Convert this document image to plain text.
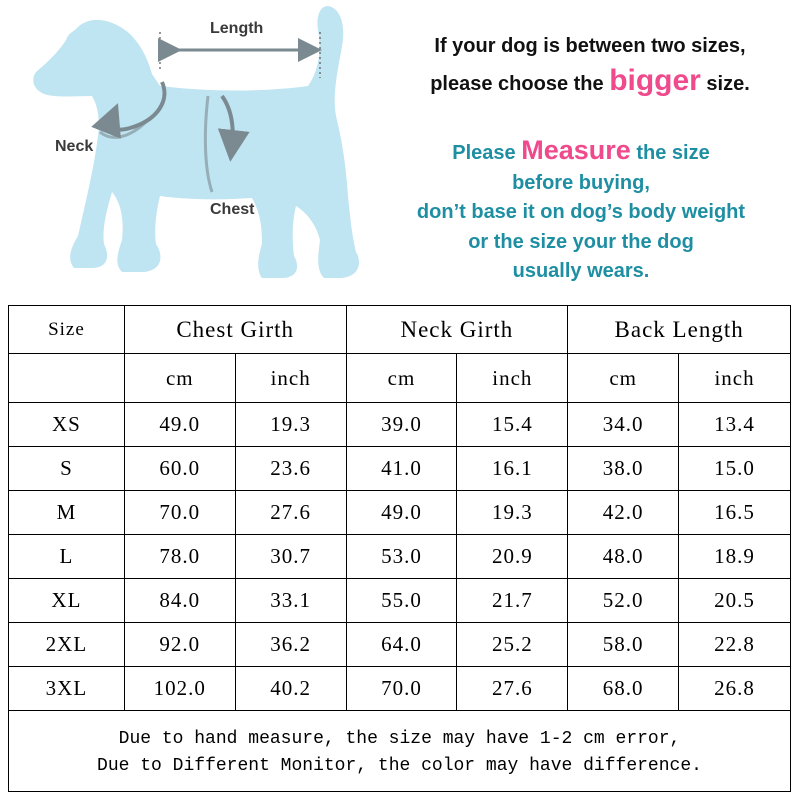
Length
Neck
Chest
If your dog is between two sizes,
please choose the bigger size.
Please Measure the size
before buying,
don’t base it on dog’s body weight
or the size your the dog
usually wears.
Size	Chest Girth		Neck Girth		Back Length	
	cm	inch	cm	inch	cm	inch
XS	49.0	19.3	39.0	15.4	34.0	13.4
S	60.0	23.6	41.0	16.1	38.0	15.0
M	70.0	27.6	49.0	19.3	42.0	16.5
L	78.0	30.7	53.0	20.9	48.0	18.9
XL	84.0	33.1	55.0	21.7	52.0	20.5
2XL	92.0	36.2	64.0	25.2	58.0	22.8
3XL	102.0	40.2	70.0	27.6	68.0	26.8
Due to hand measure, the size may have 1-2 cm error,
Due to Different Monitor, the color may have difference.
